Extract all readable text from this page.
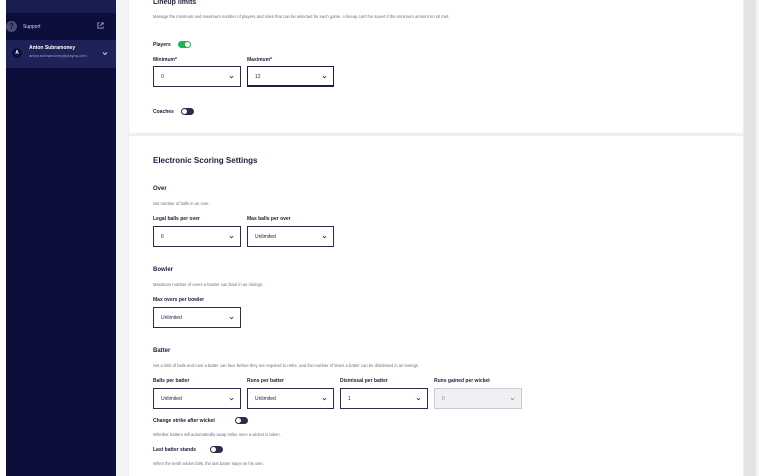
?	Support
A
Anton Subramoney
anton.subramoney@playhq.com
Lineup limits
Manage the minimum and maximum number of players and roles that can be selected for each game. A lineup can't be saved if the minimum amount is not met.
Players
Minimum*
0
Maximum*
12
Coaches
Electronic Scoring Settings
Over
Set number of balls in an over.
Legal balls per over
6
Max balls per over
Unlimited
Bowler
Maximum number of overs a bowler can bowl in an innings.
Max overs per bowler
Unlimited
Batter
Set a limit of balls and runs a batter can face before they are required to retire, and the number of times a batter can be dismissed in an innings.
Balls per batter
Unlimited
Runs per batter
Unlimited
Dismissal per batter
1
Runs gained per wicket
0
Change strike after wicket
Whether batters will automatically swap strike once a wicket is taken.
Last batter stands
When the tenth wicket falls, the last batter stays on his own.
